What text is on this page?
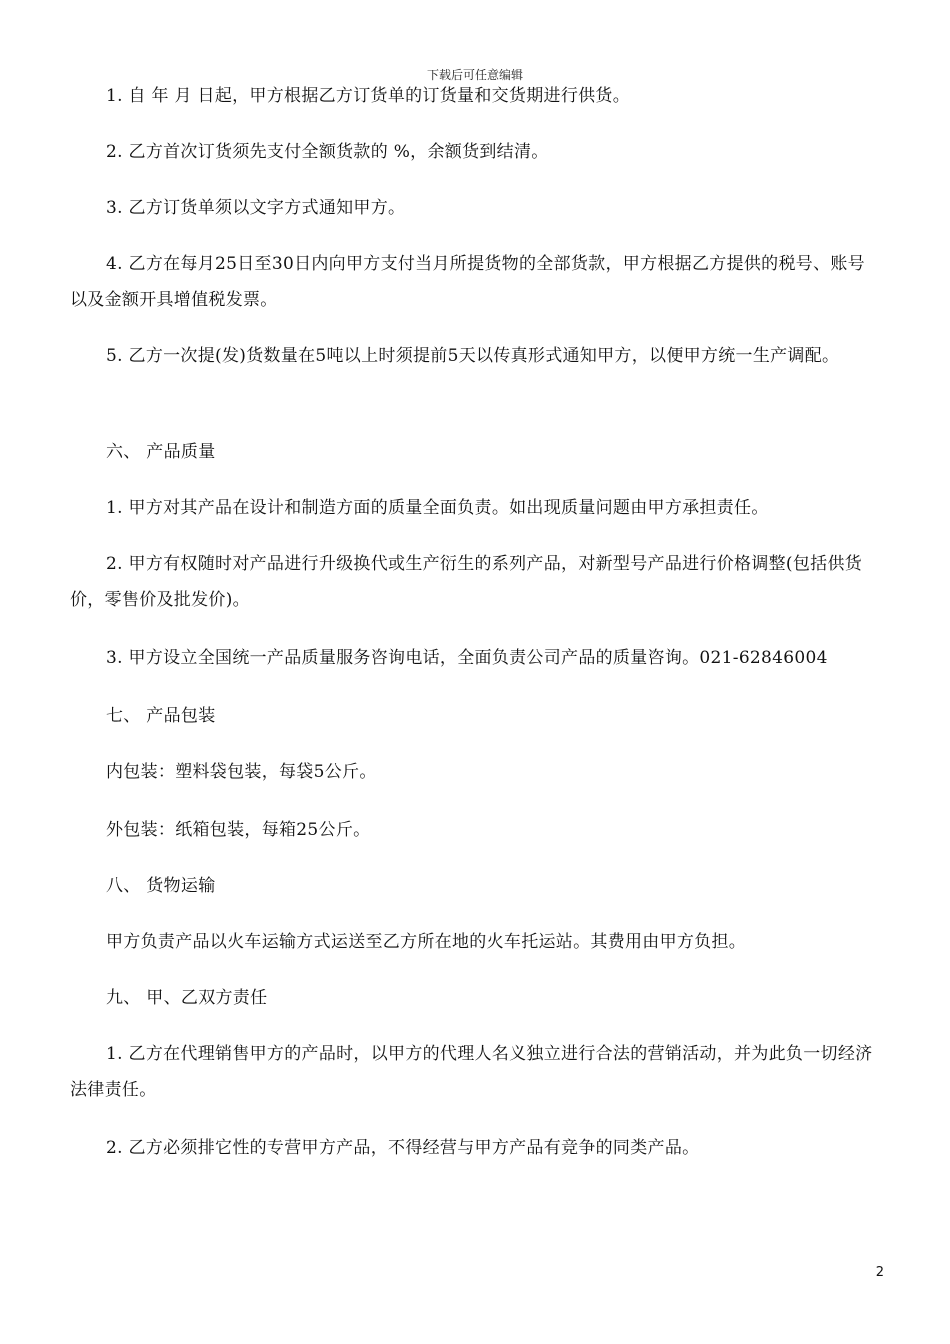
下载后可任意编辑
1. 自 年 月 日起，甲方根据乙方订货单的订货量和交货期进行供货。
2. 乙方首次订货须先支付全额货款的 %，余额货到结清。
3. 乙方订货单须以文字方式通知甲方。
4. 乙方在每月25日至30日内向甲方支付当月所提货物的全部货款，甲方根据乙方提供的税号、账号以及金额开具增值税发票。
5. 乙方一次提(发)货数量在5吨以上时须提前5天以传真形式通知甲方，以便甲方统一生产调配。
六、 产品质量
1. 甲方对其产品在设计和制造方面的质量全面负责。如出现质量问题由甲方承担责任。
2. 甲方有权随时对产品进行升级换代或生产衍生的系列产品，对新型号产品进行价格调整(包括供货价，零售价及批发价)。
3. 甲方设立全国统一产品质量服务咨询电话，全面负责公司产品的质量咨询。021-62846004
七、 产品包装
内包装：塑料袋包装，每袋5公斤。
外包装：纸箱包装，每箱25公斤。
八、 货物运输
甲方负责产品以火车运输方式运送至乙方所在地的火车托运站。其费用由甲方负担。
九、 甲、乙双方责任
1. 乙方在代理销售甲方的产品时，以甲方的代理人名义独立进行合法的营销活动，并为此负一切经济法律责任。
2. 乙方必须排它性的专营甲方产品，不得经营与甲方产品有竞争的同类产品。
2
